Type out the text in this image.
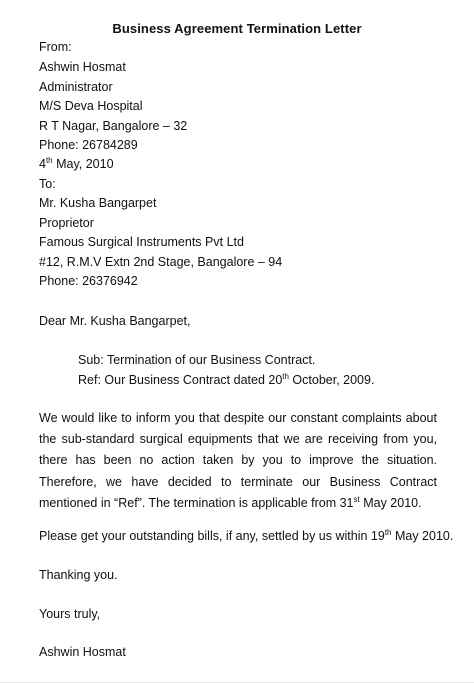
Business Agreement Termination Letter
From:
Ashwin Hosmat
Administrator
M/S Deva Hospital
R T Nagar, Bangalore – 32
Phone: 26784289
4th May, 2010
To:
Mr. Kusha Bangarpet
Proprietor
Famous Surgical Instruments Pvt Ltd
#12, R.M.V Extn 2nd Stage, Bangalore – 94
Phone: 26376942
Dear Mr. Kusha Bangarpet,
Sub: Termination of our Business Contract.
Ref: Our Business Contract dated 20th October, 2009.
We would like to inform you that despite our constant complaints about the sub-standard surgical equipments that we are receiving from you, there has been no action taken by you to improve the situation. Therefore, we have decided to terminate our Business Contract mentioned in “Ref”. The termination is applicable from 31st May 2010.
Please get your outstanding bills, if any, settled by us within 19th May 2010.
Thanking you.
Yours truly,
Ashwin Hosmat
